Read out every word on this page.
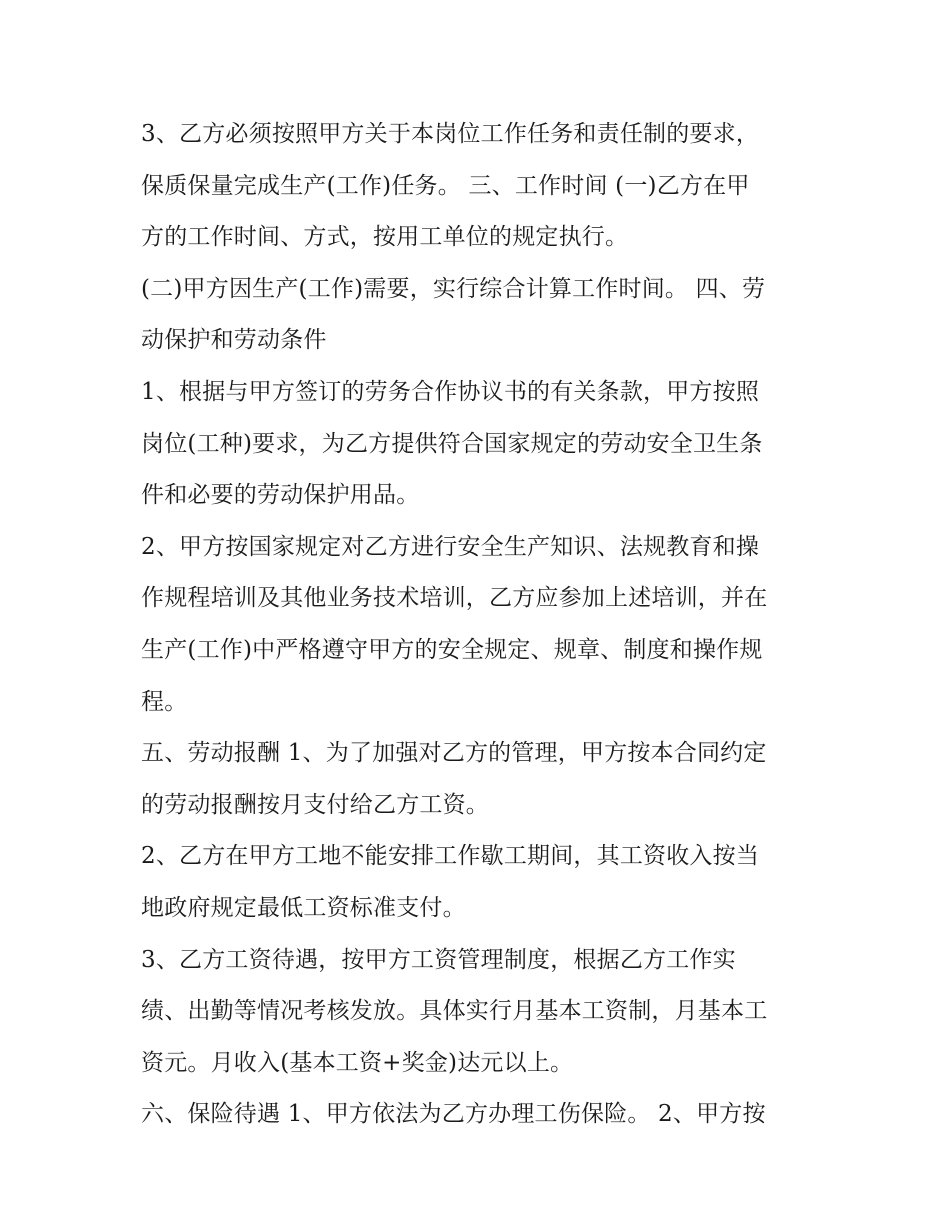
3、乙方必须按照甲方关于本岗位工作任务和责任制的要求，
保质保量完成生产(工作)任务。 三、工作时间 (一)乙方在甲
方的工作时间、方式，按用工单位的规定执行。
(二)甲方因生产(工作)需要，实行综合计算工作时间。 四、劳
动保护和劳动条件
1、根据与甲方签订的劳务合作协议书的有关条款，甲方按照
岗位(工种)要求，为乙方提供符合国家规定的劳动安全卫生条
件和必要的劳动保护用品。
2、甲方按国家规定对乙方进行安全生产知识、法规教育和操
作规程培训及其他业务技术培训，乙方应参加上述培训，并在
生产(工作)中严格遵守甲方的安全规定、规章、制度和操作规
程。
五、劳动报酬 1、为了加强对乙方的管理，甲方按本合同约定
的劳动报酬按月支付给乙方工资。
2、乙方在甲方工地不能安排工作歇工期间，其工资收入按当
地政府规定最低工资标准支付。
3、乙方工资待遇，按甲方工资管理制度，根据乙方工作实
绩、出勤等情况考核发放。具体实行月基本工资制，月基本工
资元。月收入(基本工资+奖金)达元以上。
六、保险待遇 1、甲方依法为乙方办理工伤保险。 2、甲方按
